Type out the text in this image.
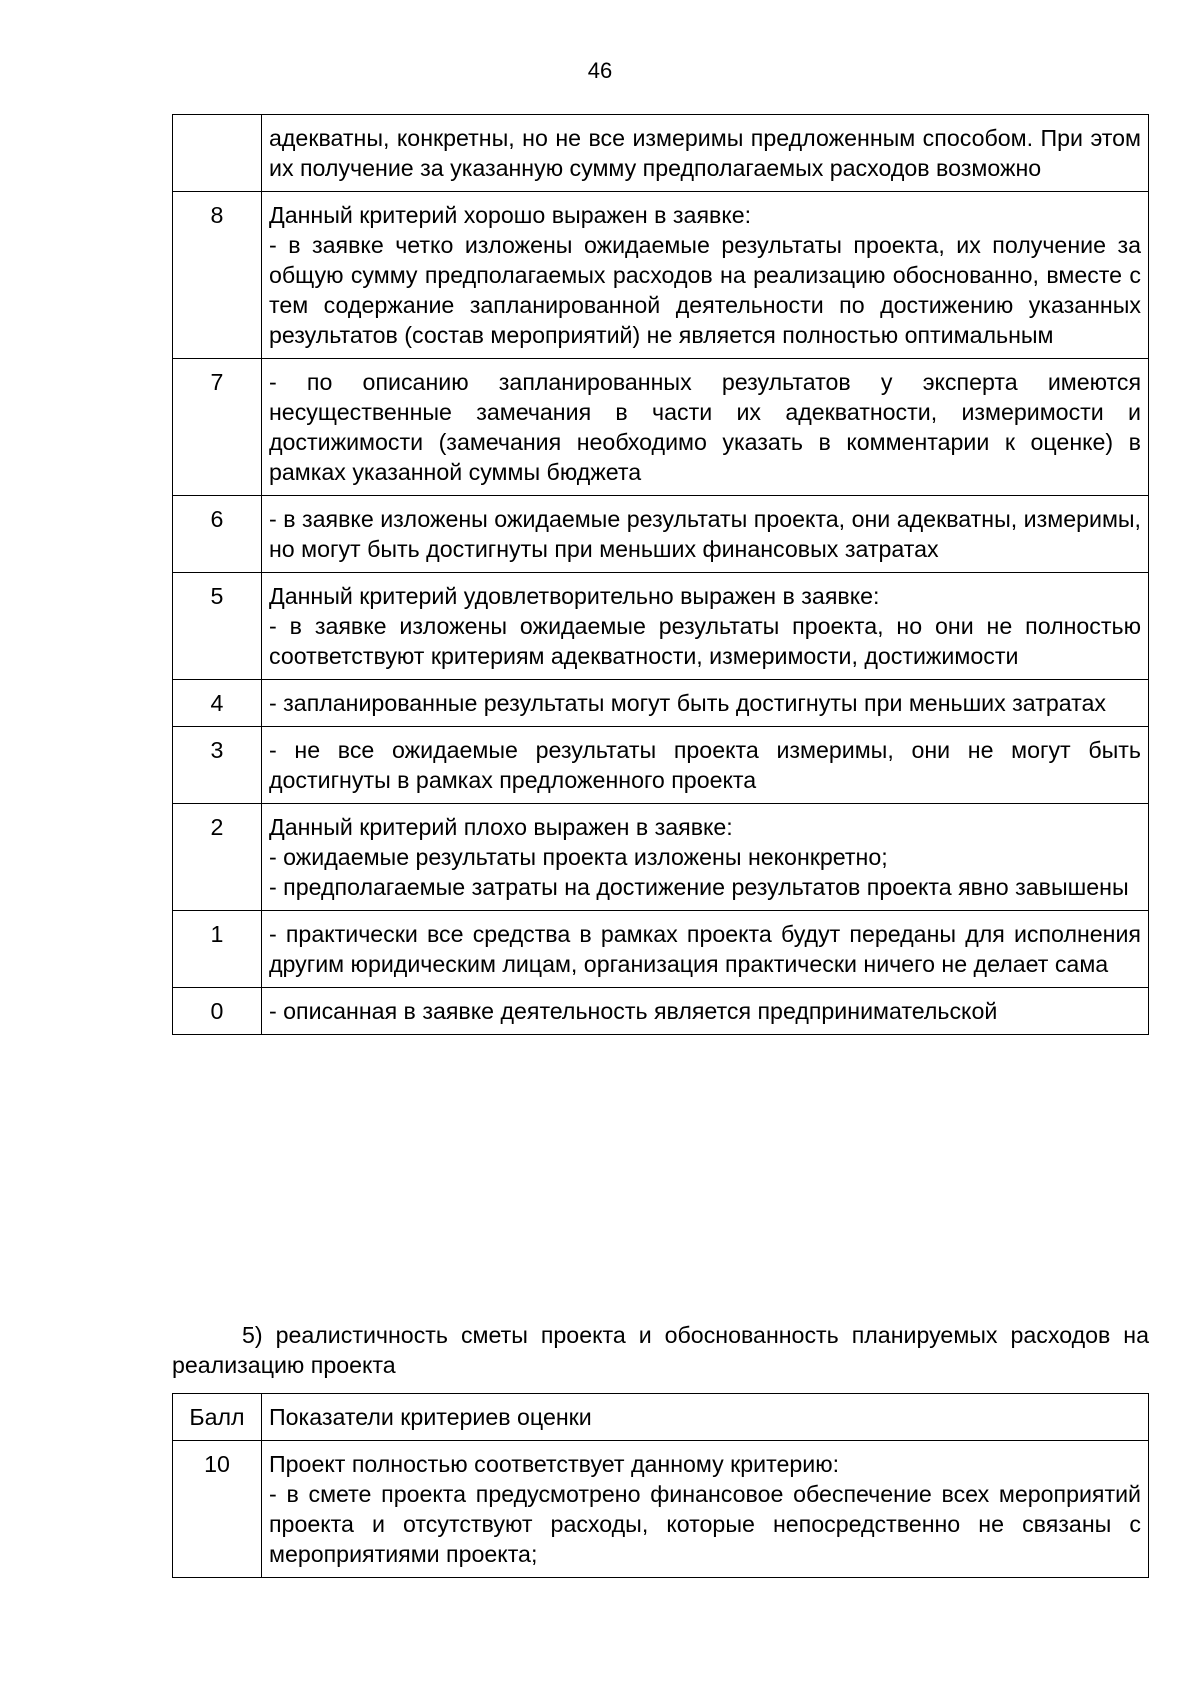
46

	адекватны, конкретны, но не все измеримы предложенным способом. При этом их получение за указанную сумму предполагаемых расходов возможно

8	Данный критерий хорошо выражен в заявке:
- в заявке четко изложены ожидаемые результаты проекта, их получение за общую сумму предполагаемых расходов на реализацию обоснованно, вместе с тем содержание запланированной деятельности по достижению указанных результатов (состав мероприятий) не является полностью оптимальным

7	- по описанию запланированных результатов у эксперта имеются несущественные замечания в части их адекватности, измеримости и достижимости (замечания необходимо указать в комментарии к оценке) в рамках указанной суммы бюджета

6	- в заявке изложены ожидаемые результаты проекта, они адекватны, измеримы, но могут быть достигнуты при меньших финансовых затратах

5	Данный критерий удовлетворительно выражен в заявке:
- в заявке изложены ожидаемые результаты проекта, но они не полностью соответствуют критериям адекватности, измеримости, достижимости

4	- запланированные результаты могут быть достигнуты при меньших затратах

3	- не все ожидаемые результаты проекта измеримы, они не могут быть достигнуты в рамках предложенного проекта

2	Данный критерий плохо выражен в заявке:
- ожидаемые результаты проекта изложены неконкретно;
- предполагаемые затраты на достижение результатов проекта явно завышены

1	- практически все средства в рамках проекта будут переданы для исполнения другим юридическим лицам, организация практически ничего не делает сама

0	- описанная в заявке деятельность является предпринимательской

5) реалистичность сметы проекта и обоснованность планируемых расходов на реализацию проекта

Балл	Показатели критериев оценки
10	Проект полностью соответствует данному критерию:
- в смете проекта предусмотрено финансовое обеспечение всех мероприятий проекта и отсутствуют расходы, которые непосредственно не связаны с мероприятиями проекта;
